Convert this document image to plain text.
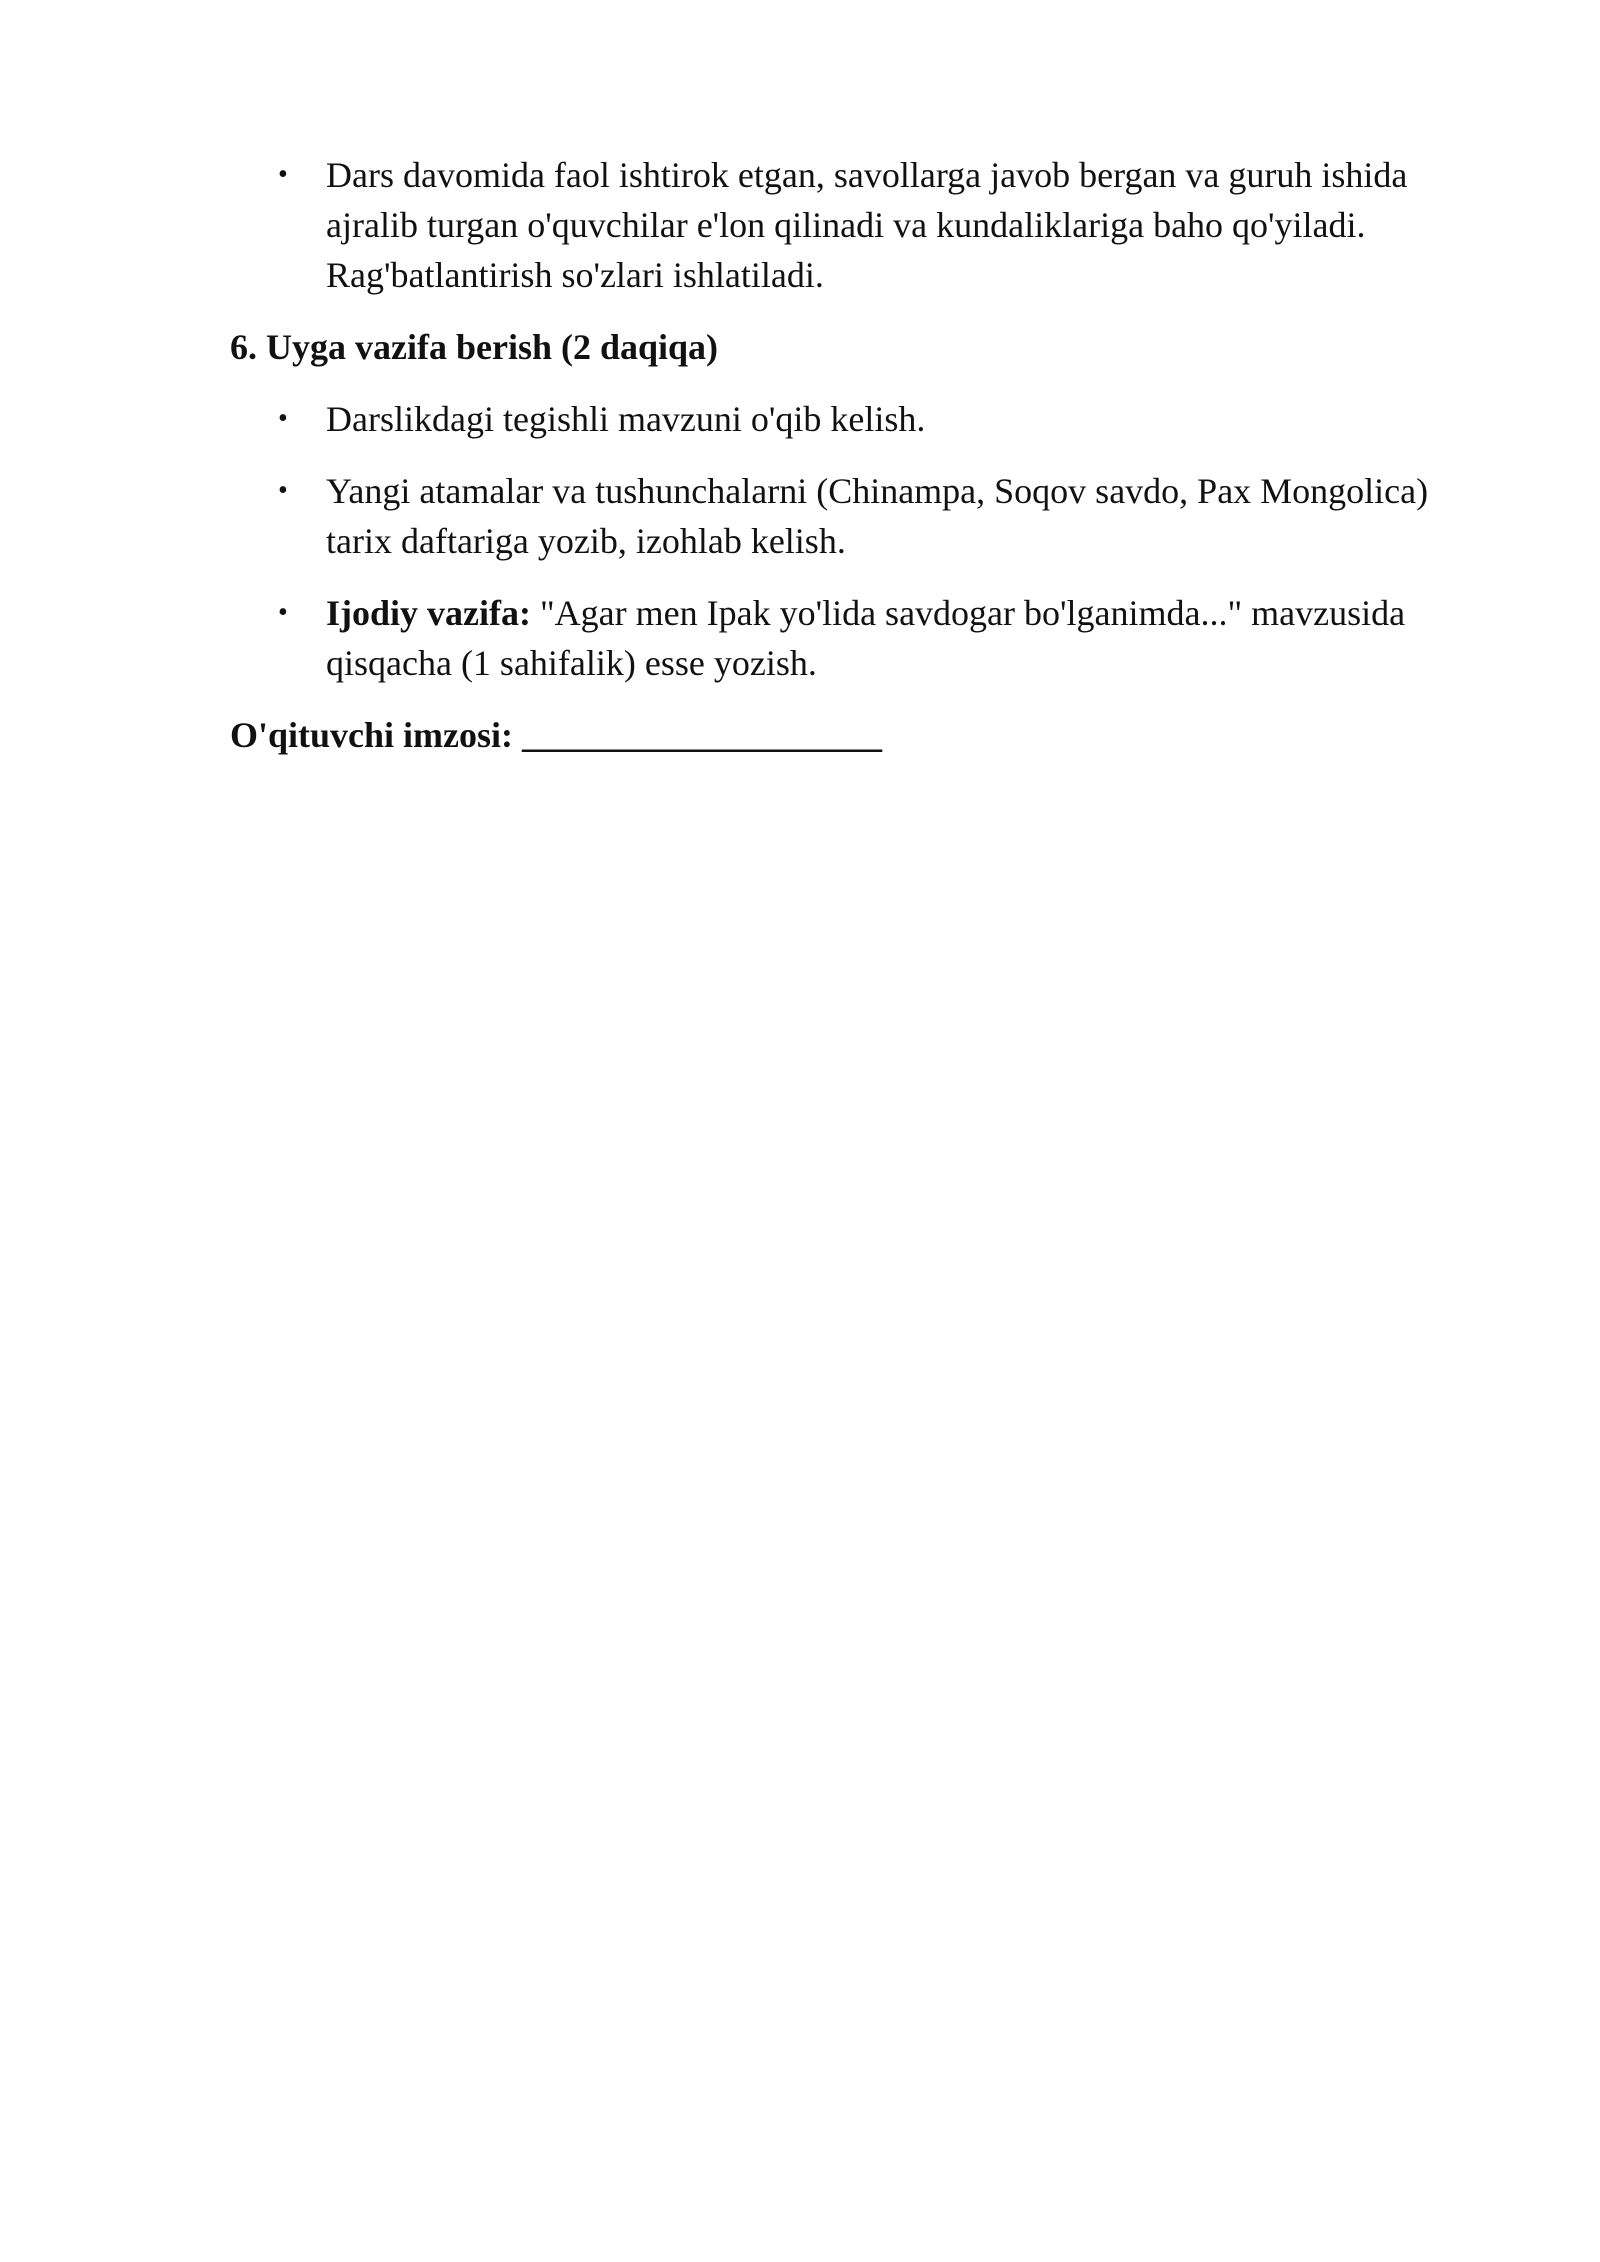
• Dars davomida faol ishtirok etgan, savollarga javob bergan va guruh ishida ajralib turgan o'quvchilar e'lon qilinadi va kundaliklariga baho qo'yiladi. Rag'batlantirish so'zlari ishlatiladi.
6. Uyga vazifa berish (2 daqiqa)
• Darslikdagi tegishli mavzuni o'qib kelish.
• Yangi atamalar va tushunchalarni (Chinampa, Soqov savdo, Pax Mongolica) tarix daftariga yozib, izohlab kelish.
• Ijodiy vazifa: "Agar men Ipak yo'lida savdogar bo'lganimda..." mavzusida qisqacha (1 sahifalik) esse yozish.
O'qituvchi imzosi: ____________________
